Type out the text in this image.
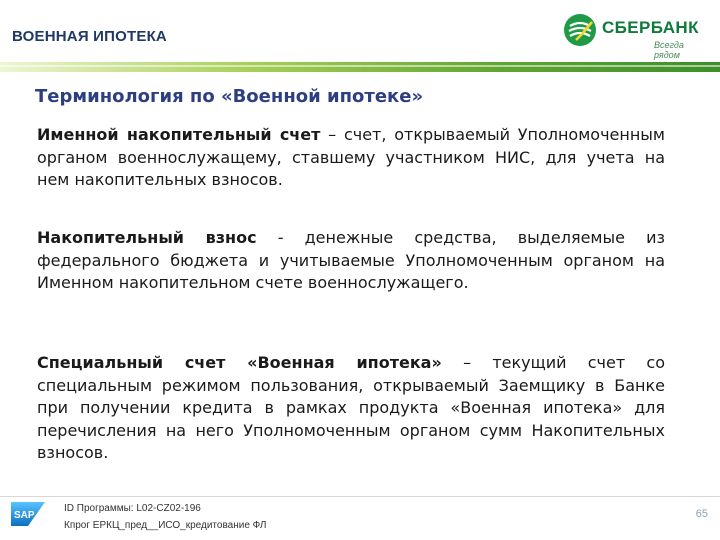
ВОЕННАЯ ИПОТЕКА	СБЕРБАНК
Всегда рядом
Терминология по «Военной ипотеке»

Именной накопительный счет – счет, открываемый Уполномоченным органом военнослужащему, ставшему участником НИС, для учета на нем накопительных взносов.

Накопительный взнос - денежные средства, выделяемые из федерального бюджета и учитываемые Уполномоченным органом на Именном накопительном счете военнослужащего.

Специальный счет «Военная ипотека» – текущий счет со специальным режимом пользования, открываемый Заемщику в Банке при получении кредита в рамках продукта «Военная ипотека» для перечисления на него Уполномоченным органом сумм Накопительных взносов.

SAP
ID Программы: L02-CZ02-196
Кпрог ЕРКЦ_пред__ИСО_кредитование ФЛ
65
